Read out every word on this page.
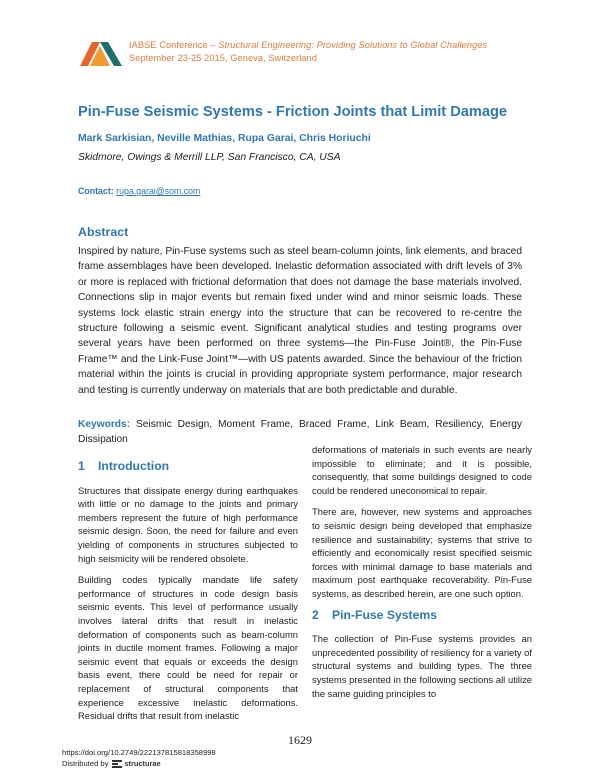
IABSE Conference – Structural Engineering: Providing Solutions to Global Challenges
September 23-25 2015, Geneva, Switzerland
Pin-Fuse Seismic Systems - Friction Joints that Limit Damage
Mark Sarkisian, Neville Mathias, Rupa Garai, Chris Horiuchi
Skidmore, Owings & Merrill LLP, San Francisco, CA, USA
Contact: rupa.garai@som.com
Abstract

Inspired by nature, Pin-Fuse systems such as steel beam-column joints, link elements, and braced frame assemblages have been developed. Inelastic deformation associated with drift levels of 3% or more is replaced with frictional deformation that does not damage the base materials involved. Connections slip in major events but remain fixed under wind and minor seismic loads. These systems lock elastic strain energy into the structure that can be recovered to re-centre the structure following a seismic event. Significant analytical studies and testing programs over several years have been performed on three systems—the Pin-Fuse Joint®, the Pin-Fuse Frame™ and the Link-Fuse Joint™—with US patents awarded. Since the behaviour of the friction material within the joints is crucial in providing appropriate system performance, major research and testing is currently underway on materials that are both predictable and durable.

Keywords: Seismic Design, Moment Frame, Braced Frame, Link Beam, Resiliency, Energy Dissipation

1 Introduction

Structures that dissipate energy during earthquakes with little or no damage to the joints and primary members represent the future of high performance seismic design. Soon, the need for failure and even yielding of components in structures subjected to high seismicity will be rendered obsolete.

Building codes typically mandate life safety performance of structures in code design basis seismic events. This level of performance usually involves lateral drifts that result in inelastic deformation of components such as beam-column joints in ductile moment frames. Following a major seismic event that equals or exceeds the design basis event, there could be need for repair or replacement of structural components that experience excessive inelastic deformations. Residual drifts that result from inelastic

deformations of materials in such events are nearly impossible to eliminate; and it is possible, consequently, that some buildings designed to code could be rendered uneconomical to repair.

There are, however, new systems and approaches to seismic design being developed that emphasize resilience and sustainability; systems that strive to efficiently and economically resist specified seismic forces with minimal damage to base materials and maximum post earthquake recoverability. Pin-Fuse systems, as described herein, are one such option.

2 Pin-Fuse Systems

The collection of Pin-Fuse systems provides an unprecedented possibility of resiliency for a variety of structural systems and building types. The three systems presented in the following sections all utilize the same guiding principles to

1629
https://doi.org/10.2749/222137815818358998
Distributed by structurae
